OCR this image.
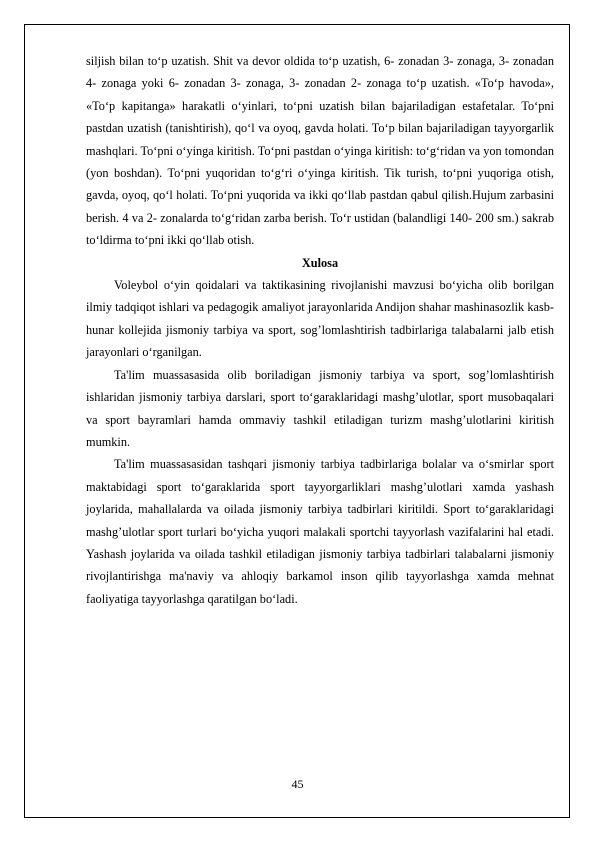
siljish bilan to‘p uzatish. Shit va devor oldida to‘p uzatish, 6- zonadan 3- zonaga, 3- zonadan 4- zonaga yoki 6- zonadan 3- zonaga, 3- zonadan 2- zonaga to‘p uzatish. «To‘p havoda», «To‘p kapitanga» harakatli o‘yinlari, to‘pni uzatish bilan bajariladigan estafetalar. To‘pni pastdan uzatish (tanishtirish), qo‘l va oyoq, gavda holati. To‘p bilan bajariladigan tayyorgarlik mashqlari. To‘pni o‘yinga kiritish. To‘pni pastdan o‘yinga kiritish: to‘g‘ridan va yon tomondan (yon boshdan). To‘pni yuqoridan to‘g‘ri o‘yinga kiritish. Tik turish, to‘pni yuqoriga otish, gavda, oyoq, qo‘l holati. To‘pni yuqorida va ikki qo‘llab pastdan qabul qilish.Hujum zarbasini berish. 4 va 2- zonalarda to‘g‘ridan zarba berish. To‘r ustidan (balandligi 140- 200 sm.) sakrab to‘ldirma to‘pni ikki qo‘llab otish.

Xulosa

Voleybol o‘yin qoidalari va taktikasining rivojlanishi mavzusi bo‘yicha olib borilgan ilmiy tadqiqot ishlari va pedagogik amaliyot jarayonlarida Andijon shahar mashinasozlik kasb-hunar kollejida jismoniy tarbiya va sport, sog’lomlashtirish tadbirlariga talabalarni jalb etish jarayonlari o‘rganilgan.

Ta'lim muassasasida olib boriladigan jismoniy tarbiya va sport, sog’lomlashtirish ishlaridan jismoniy tarbiya darslari, sport to‘garaklaridagi mashg’ulotlar, sport musobaqalari va sport bayramlari hamda ommaviy tashkil etiladigan turizm mashg’ulotlarini kiritish mumkin.

Ta'lim muassasasidan tashqari jismoniy tarbiya tadbirlariga bolalar va o‘smirlar sport maktabidagi sport to‘garaklarida sport tayyorgarliklari mashg’ulotlari xamda yashash joylarida, mahallalarda va oilada jismoniy tarbiya tadbirlari kiritildi. Sport to‘garaklaridagi mashg’ulotlar sport turlari bo‘yicha yuqori malakali sportchi tayyorlash vazifalarini hal etadi. Yashash joylarida va oilada tashkil etiladigan jismoniy tarbiya tadbirlari talabalarni jismoniy rivojlantirishga ma'naviy va ahloqiy barkamol inson qilib tayyorlashga xamda mehnat faoliyatiga tayyorlashga qaratilgan bo‘ladi.

45
